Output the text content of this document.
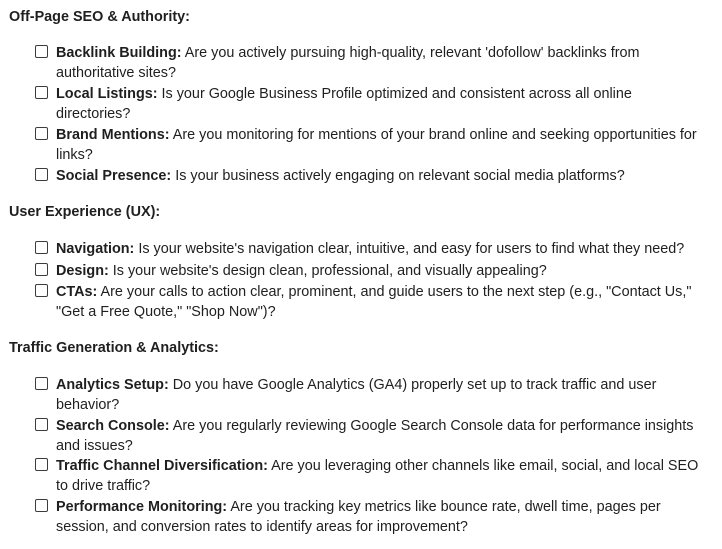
Off-Page SEO & Authority:
Backlink Building: Are you actively pursuing high-quality, relevant 'dofollow' backlinks from authoritative sites?
Local Listings: Is your Google Business Profile optimized and consistent across all online directories?
Brand Mentions: Are you monitoring for mentions of your brand online and seeking opportunities for links?
Social Presence: Is your business actively engaging on relevant social media platforms?
User Experience (UX):
Navigation: Is your website's navigation clear, intuitive, and easy for users to find what they need?
Design: Is your website's design clean, professional, and visually appealing?
CTAs: Are your calls to action clear, prominent, and guide users to the next step (e.g., "Contact Us," "Get a Free Quote," "Shop Now")?
Traffic Generation & Analytics:
Analytics Setup: Do you have Google Analytics (GA4) properly set up to track traffic and user behavior?
Search Console: Are you regularly reviewing Google Search Console data for performance insights and issues?
Traffic Channel Diversification: Are you leveraging other channels like email, social, and local SEO to drive traffic?
Performance Monitoring: Are you tracking key metrics like bounce rate, dwell time, pages per session, and conversion rates to identify areas for improvement?
